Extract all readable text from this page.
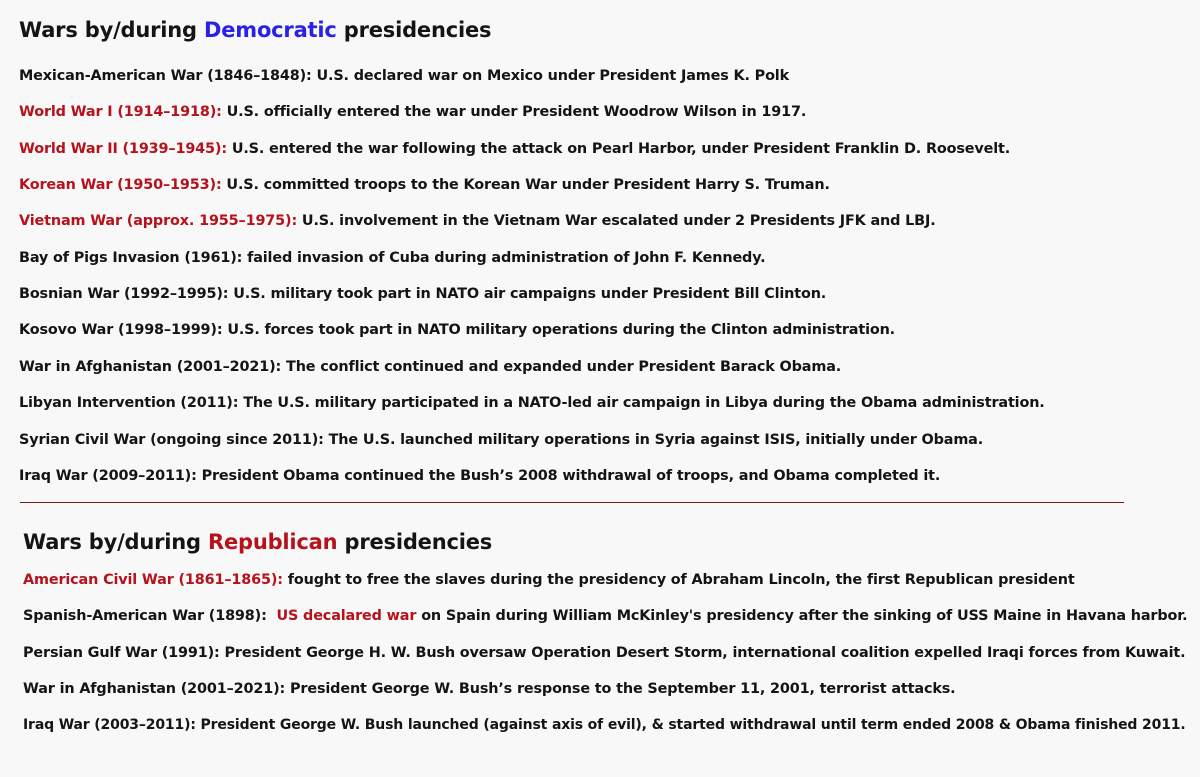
Wars by/during Democratic presidencies

Mexican-American War (1846–1848): U.S. declared war on Mexico under President James K. Polk

World War I (1914–1918): U.S. officially entered the war under President Woodrow Wilson in 1917.

World War II (1939–1945): U.S. entered the war following the attack on Pearl Harbor, under President Franklin D. Roosevelt.

Korean War (1950–1953): U.S. committed troops to the Korean War under President Harry S. Truman.

Vietnam War (approx. 1955–1975): U.S. involvement in the Vietnam War escalated under 2 Presidents JFK and LBJ.

Bay of Pigs Invasion (1961): failed invasion of Cuba during administration of John F. Kennedy.

Bosnian War (1992–1995): U.S. military took part in NATO air campaigns under President Bill Clinton.

Kosovo War (1998–1999): U.S. forces took part in NATO military operations during the Clinton administration.

War in Afghanistan (2001–2021): The conflict continued and expanded under President Barack Obama.

Libyan Intervention (2011): The U.S. military participated in a NATO-led air campaign in Libya during the Obama administration.

Syrian Civil War (ongoing since 2011): The U.S. launched military operations in Syria against ISIS, initially under Obama.

Iraq War (2009–2011): President Obama continued the Bush’s 2008 withdrawal of troops, and Obama completed it.

Wars by/during Republican presidencies

American Civil War (1861–1865): fought to free the slaves during the presidency of Abraham Lincoln, the first Republican president

Spanish-American War (1898): US decalared war on Spain during William McKinley's presidency after the sinking of USS Maine in Havana harbor.

Persian Gulf War (1991): President George H. W. Bush oversaw Operation Desert Storm, international coalition expelled Iraqi forces from Kuwait.

War in Afghanistan (2001–2021): President George W. Bush’s response to the September 11, 2001, terrorist attacks.

Iraq War (2003–2011): President George W. Bush launched (against axis of evil), & started withdrawal until term ended 2008 & Obama finished 2011.
